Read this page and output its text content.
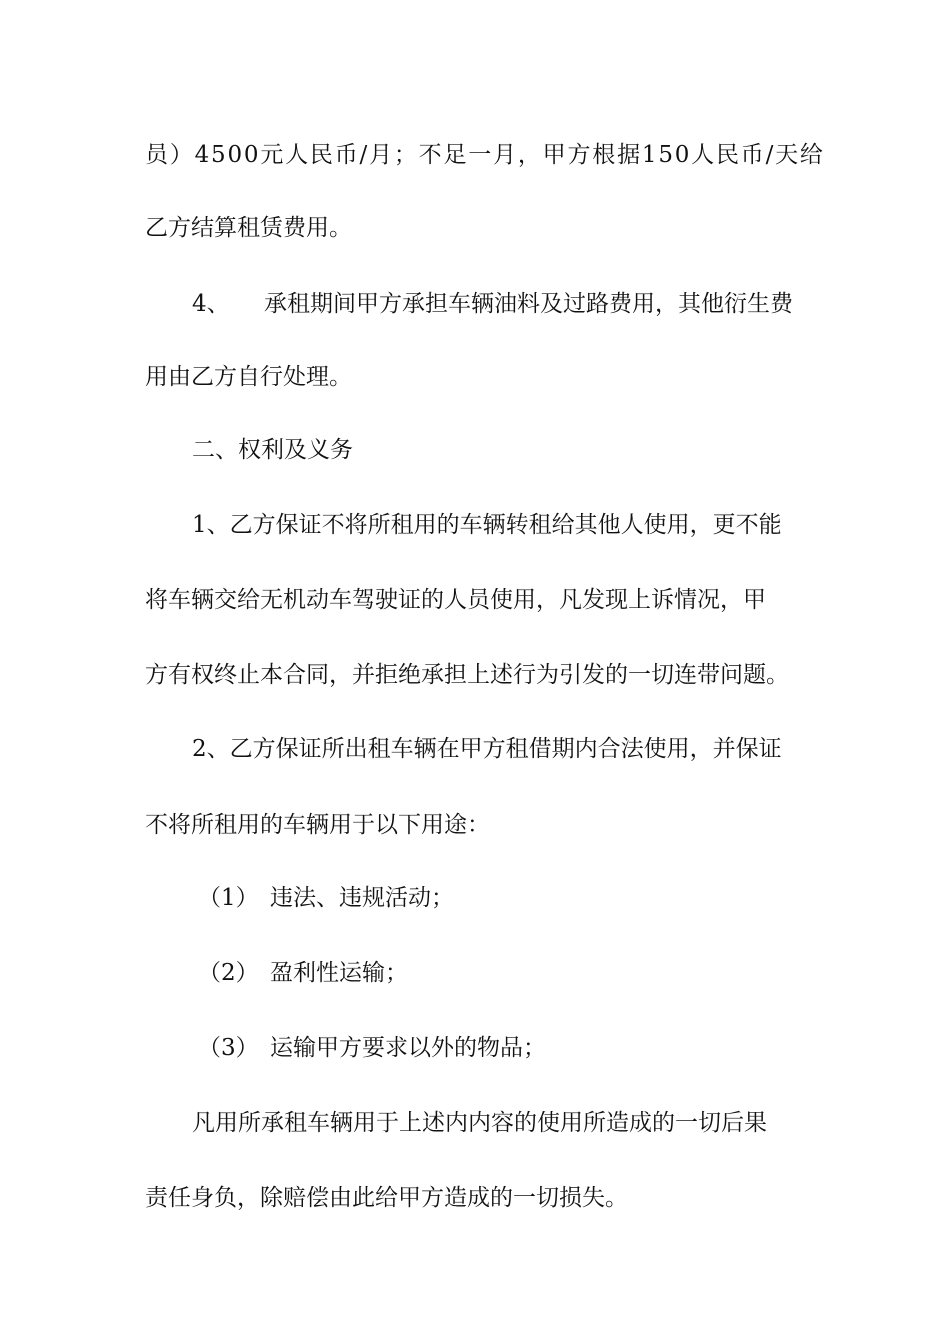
员）4500元人民币/月；不足一月，甲方根据150人民币/天给
乙方结算租赁费用。
4、 承租期间甲方承担车辆油料及过路费用，其他衍生费
用由乙方自行处理。
二、权利及义务
1、乙方保证不将所租用的车辆转租给其他人使用，更不能
将车辆交给无机动车驾驶证的人员使用，凡发现上诉情况，甲
方有权终止本合同，并拒绝承担上述行为引发的一切连带问题。
2、乙方保证所出租车辆在甲方租借期内合法使用，并保证
不将所租用的车辆用于以下用途：
（1） 违法、违规活动；
（2） 盈利性运输；
（3） 运输甲方要求以外的物品；
凡用所承租车辆用于上述内内容的使用所造成的一切后果
责任身负，除赔偿由此给甲方造成的一切损失。
